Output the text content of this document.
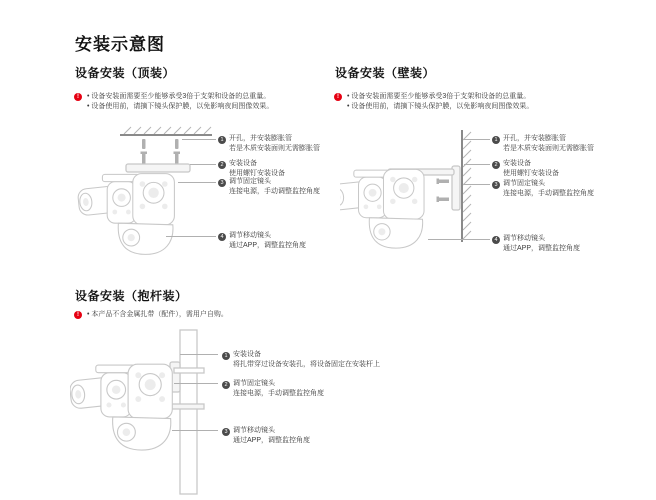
安装示意图
设备安装（顶装）
!	• 设备安装面需要至少能够承受3倍于支架和设备的总重量。
• 设备使用前，请摘下镜头保护膜，以免影响夜间图像效果。
1 开孔，并安装膨胀管
若是木质安装面则无需膨胀管
2 安装设备
使用螺钉安装设备
3 调节固定镜头
连接电源，手动调整监控角度
4 调节移动镜头
通过APP，调整监控角度
设备安装（壁装）
!	• 设备安装面需要至少能够承受3倍于支架和设备的总重量。
• 设备使用前，请摘下镜头保护膜，以免影响夜间图像效果。
1 开孔，并安装膨胀管
若是木质安装面则无需膨胀管
2 安装设备
使用螺钉安装设备
3 调节固定镜头
连接电源，手动调整监控角度
4 调节移动镜头
通过APP，调整监控角度
设备安装（抱杆装）
!	• 本产品不含金属扎带（配件），需用户自购。
1 安装设备
将扎带穿过设备安装孔，将设备固定在安装杆上
2 调节固定镜头
连接电源，手动调整监控角度
3 调节移动镜头
通过APP，调整监控角度
